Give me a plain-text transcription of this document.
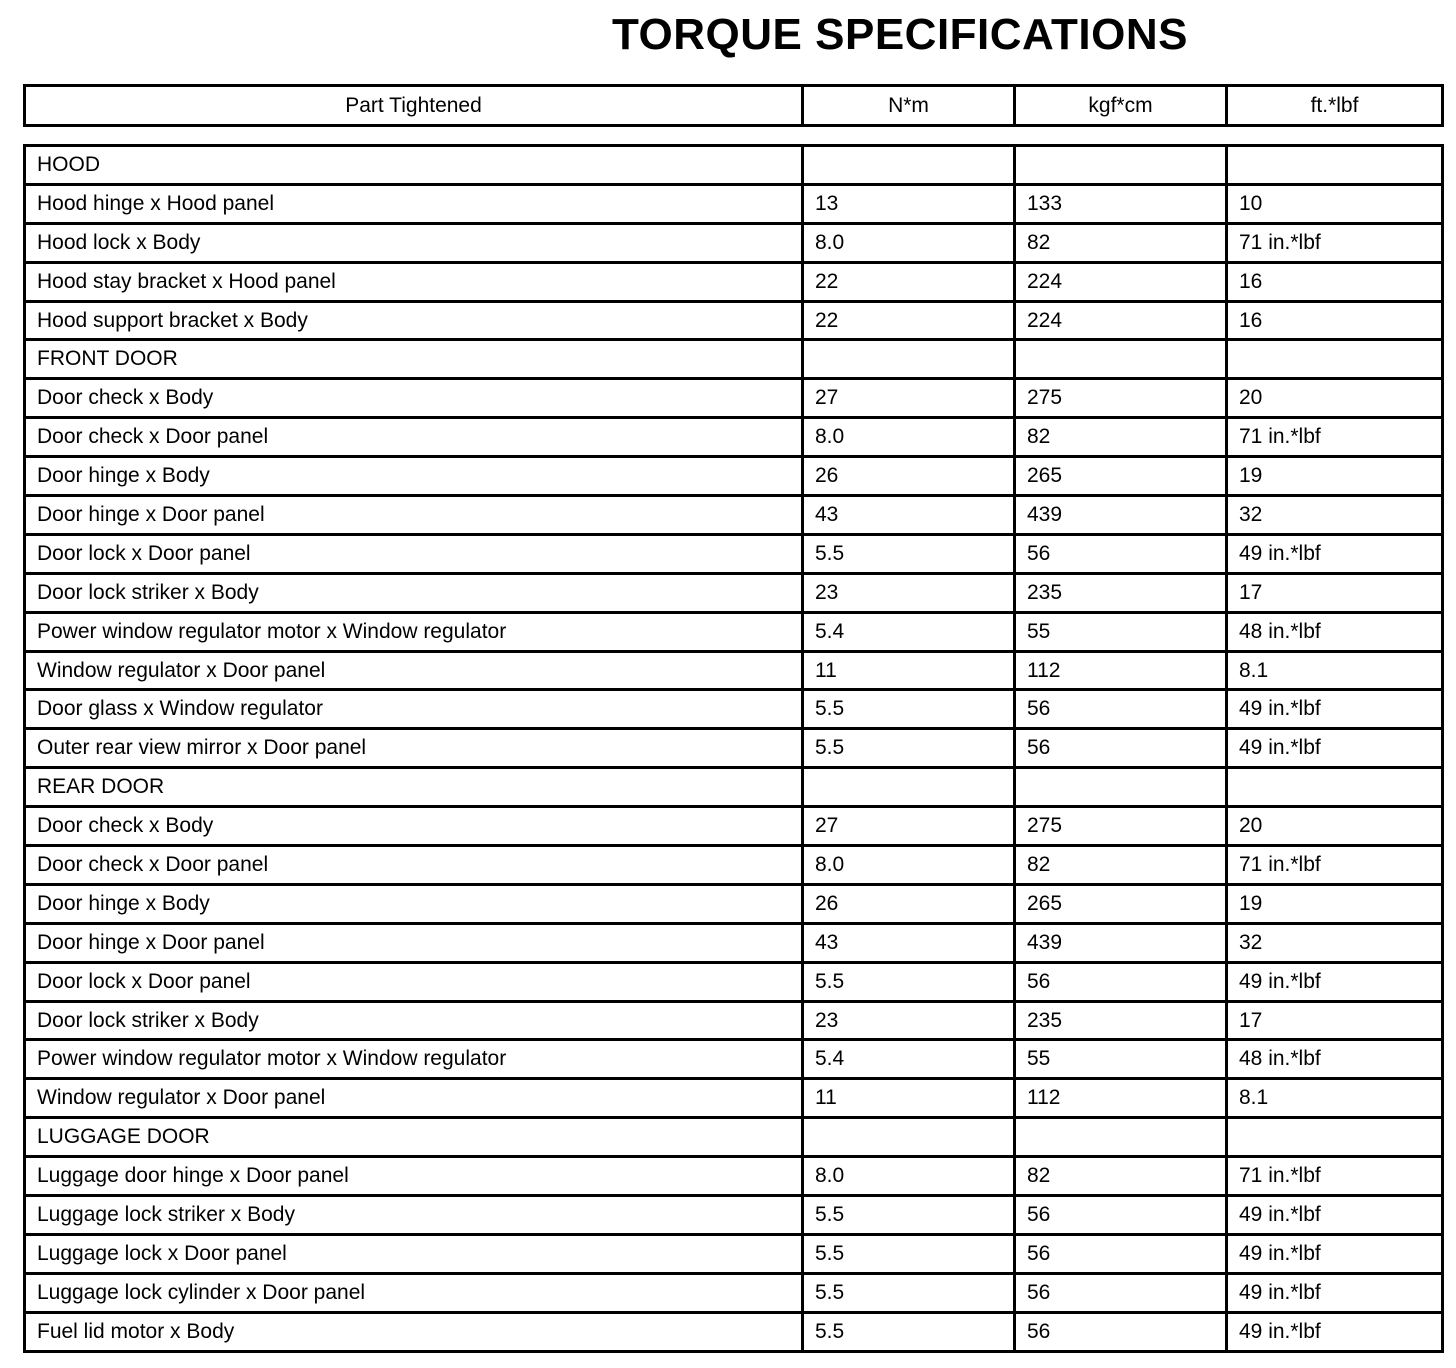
TORQUE SPECIFICATIONS
Part Tightened	N*m	kgf*cm	ft.*lbf
HOOD			
Hood hinge x Hood panel	13	133	10
Hood lock x Body	8.0	82	71 in.*lbf
Hood stay bracket x Hood panel	22	224	16
Hood support bracket x Body	22	224	16
FRONT DOOR			
Door check x Body	27	275	20
Door check x Door panel	8.0	82	71 in.*lbf
Door hinge x Body	26	265	19
Door hinge x Door panel	43	439	32
Door lock x Door panel	5.5	56	49 in.*lbf
Door lock striker x Body	23	235	17
Power window regulator motor x Window regulator	5.4	55	48 in.*lbf
Window regulator x Door panel	11	112	8.1
Door glass x Window regulator	5.5	56	49 in.*lbf
Outer rear view mirror x Door panel	5.5	56	49 in.*lbf
REAR DOOR			
Door check x Body	27	275	20
Door check x Door panel	8.0	82	71 in.*lbf
Door hinge x Body	26	265	19
Door hinge x Door panel	43	439	32
Door lock x Door panel	5.5	56	49 in.*lbf
Door lock striker x Body	23	235	17
Power window regulator motor x Window regulator	5.4	55	48 in.*lbf
Window regulator x Door panel	11	112	8.1
LUGGAGE DOOR			
Luggage door hinge x Door panel	8.0	82	71 in.*lbf
Luggage lock striker x Body	5.5	56	49 in.*lbf
Luggage lock x Door panel	5.5	56	49 in.*lbf
Luggage lock cylinder x Door panel	5.5	56	49 in.*lbf
Fuel lid motor x Body	5.5	56	49 in.*lbf
